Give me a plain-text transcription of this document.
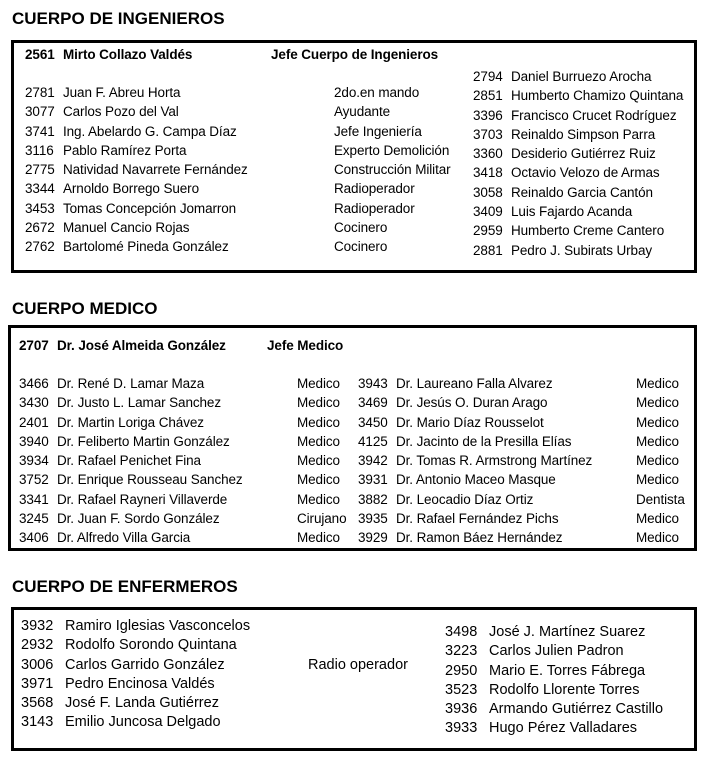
CUERPO DE INGENIEROS
2561 Mirto Collazo Valdés	Jefe Cuerpo de Ingenieros
2781
3077
3741
3116
2775
3344
3453
2672
2762
Juan F. Abreu Horta
Carlos Pozo del Val
Ing. Abelardo G. Campa Díaz
Pablo Ramírez Porta
Natividad Navarrete Fernández
Arnoldo Borrego Suero
Tomas Concepción Jomarron
Manuel Cancio Rojas
Bartolomé Pineda González
2do.en mando
Ayudante
Jefe Ingeniería
Experto Demolición
Construcción Militar
Radioperador
Radioperador
Cocinero
Cocinero
2794
2851
3396
3703
3360
3418
3058
3409
2959
2881
Daniel Burruezo Arocha
Humberto Chamizo Quintana
Francisco Crucet Rodríguez
Reinaldo Simpson Parra
Desiderio Gutiérrez Ruiz
Octavio Velozo de Armas
Reinaldo Garcia Cantón
Luis Fajardo Acanda
Humberto Creme Cantero
Pedro J. Subirats Urbay
CUERPO MEDICO
2707 Dr. José Almeida González	Jefe Medico
3466
3430
2401
3940
3934
3752
3341
3245
3406
Dr. René D. Lamar Maza
Dr. Justo L. Lamar Sanchez
Dr. Martin Loriga Chávez
Dr. Feliberto Martin González
Dr. Rafael Penichet Fina
Dr. Enrique Rousseau Sanchez
Dr. Rafael Rayneri Villaverde
Dr. Juan F. Sordo González
Dr. Alfredo Villa Garcia
Medico
Medico
Medico
Medico
Medico
Medico
Medico
Cirujano
Medico
3943
3469
3450
4125
3942
3931
3882
3935
3929
Dr. Laureano Falla Alvarez
Dr. Jesús O. Duran Arago
Dr. Mario Díaz Rousselot
Dr. Jacinto de la Presilla Elías
Dr. Tomas R. Armstrong Martínez
Dr. Antonio Maceo Masque
Dr. Leocadio Díaz Ortiz
Dr. Rafael Fernández Pichs
Dr. Ramon Báez Hernández
Medico
Medico
Medico
Medico
Medico
Medico
Dentista
Medico
Medico
CUERPO DE ENFERMEROS
3932
2932
3006
3971
3568
3143
Ramiro Iglesias Vasconcelos
Rodolfo Sorondo Quintana
Carlos Garrido González
Pedro Encinosa Valdés
José F. Landa Gutiérrez
Emilio Juncosa Delgado
Radio operador
3498
3223
2950
3523
3936
3933
José J. Martínez Suarez
Carlos Julien Padron
Mario E. Torres Fábrega
Rodolfo Llorente Torres
Armando Gutiérrez Castillo
Hugo Pérez Valladares
